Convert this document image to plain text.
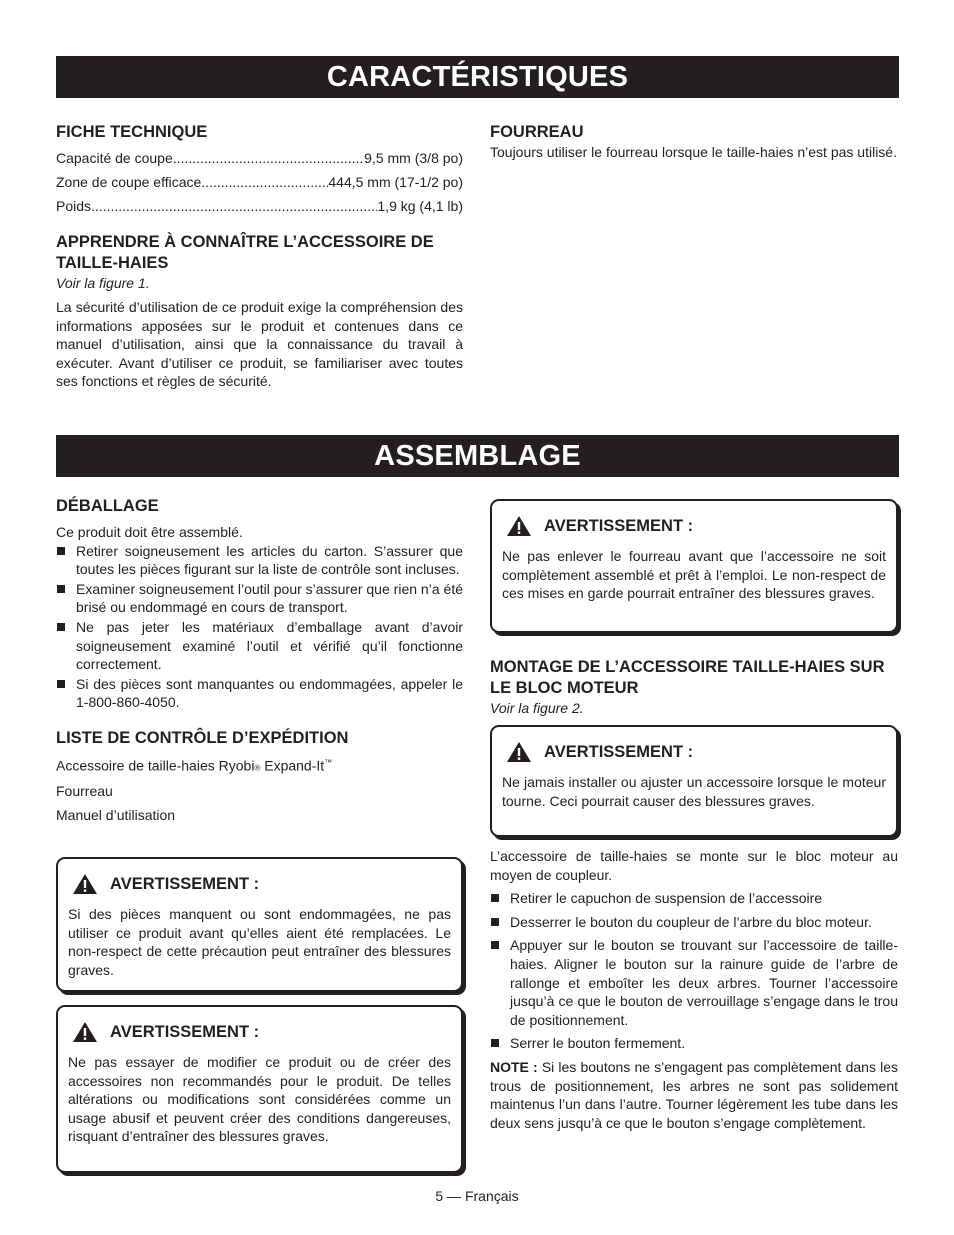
CARACTÉRISTIQUES
FICHE TECHNIQUE
Capacité de coupe .....	9,5 mm (3/8 po)
Zone de coupe efficace .....	444,5 mm (17-1/2 po)
Poids .....	1,9 kg (4,1 lb)
APPRENDRE À CONNAÎTRE L’ACCESSOIRE DE TAILLE-HAIES
Voir la figure 1.

La sécurité d’utilisation de ce produit exige la compréhension des informations apposées sur le produit et contenues dans ce manuel d’utilisation, ainsi que la connaissance du travail à exécuter. Avant d’utiliser ce produit, se familiariser avec toutes ses fonctions et règles de sécurité.

FOURREAU

Toujours utiliser le fourreau lorsque le taille-haies n’est pas utilisé.

ASSEMBLAGE
DÉBALLAGE

Ce produit doit être assemblé.

Retirer soigneusement les articles du carton. S’assurer que toutes les pièces figurant sur la liste de contrôle sont incluses.
Examiner soigneusement l’outil pour s’assurer que rien n’a été brisé ou endommagé en cours de transport.
Ne pas jeter les matériaux d’emballage avant d’avoir soigneusement examiné l’outil et vérifié qu’il fonctionne correctement.
Si des pièces sont manquantes ou endommagées, appeler le 1-800-860-4050.
LISTE DE CONTRÔLE D’EXPÉDITION
Accessoire de taille-haies Ryobi® Expand-It™
Fourreau
Manuel d’utilisation
AVERTISSEMENT :

Si des pièces manquent ou sont endommagées, ne pas utiliser ce produit avant qu’elles aient été remplacées. Le non-respect de cette précaution peut entraîner des blessures graves.

AVERTISSEMENT :

Ne pas essayer de modifier ce produit ou de créer des accessoires non recommandés pour le produit. De telles altérations ou modifications sont considérées comme un usage abusif et peuvent créer des conditions dangereuses, risquant d’entraîner des blessures graves.

AVERTISSEMENT :

Ne pas enlever le fourreau avant que l’accessoire ne soit complètement assemblé et prêt à l’emploi. Le non-respect de ces mises en garde pourrait entraîner des blessures graves.

MONTAGE DE L’ACCESSOIRE TAILLE-HAIES SUR LE BLOC MOTEUR
Voir la figure 2.
AVERTISSEMENT :

Ne jamais installer ou ajuster un accessoire lorsque le moteur tourne. Ceci pourrait causer des blessures graves.

L’accessoire de taille-haies se monte sur le bloc moteur au moyen de coupleur.

Retirer le capuchon de suspension de l’accessoire
Desserrer le bouton du coupleur de l’arbre du bloc moteur.
Appuyer sur le bouton se trouvant sur l’accessoire de taille-haies. Aligner le bouton sur la rainure guide de l’arbre de rallonge et emboîter les deux arbres. Tourner l’accessoire jusqu’à ce que le bouton de verrouillage s’engage dans le trou de positionnement.
Serrer le bouton fermement.

NOTE : Si les boutons ne s’engagent pas complètement dans les trous de positionnement, les arbres ne sont pas solidement maintenus l’un dans l’autre. Tourner légèrement les tube dans les deux sens jusqu’à ce que le bouton s’engage complètement.

5 — Français
